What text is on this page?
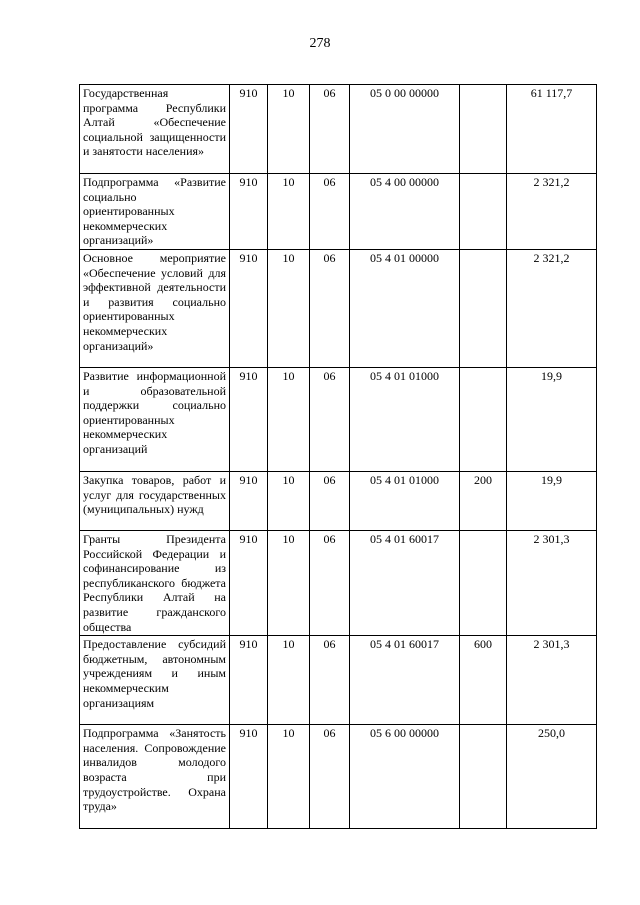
278
Государственная программа Республики Алтай «Обеспечение социальной защищенности и занятости населения»	910	10	06	05 0 00 00000		61 117,7
Подпрограмма «Развитие социально ориентированных некоммерческих организаций»	910	10	06	05 4 00 00000		2 321,2
Основное мероприятие «Обеспечение условий для эффективной деятельности и развития социально ориентированных некоммерческих организаций»	910	10	06	05 4 01 00000		2 321,2
Развитие информационной и образовательной поддержки социально ориентированных некоммерческих организаций	910	10	06	05 4 01 01000		19,9
Закупка товаров, работ и услуг для государственных (муниципальных) нужд	910	10	06	05 4 01 01000	200	19,9
Гранты Президента Российской Федерации и софинансирование из республиканского бюджета Республики Алтай на развитие гражданского общества	910	10	06	05 4 01 60017		2 301,3
Предоставление субсидий бюджетным, автономным учреждениям и иным некоммерческим организациям	910	10	06	05 4 01 60017	600	2 301,3
Подпрограмма «Занятость населения. Сопровождение инвалидов молодого возраста при трудоустройстве. Охрана труда»	910	10	06	05 6 00 00000		250,0
